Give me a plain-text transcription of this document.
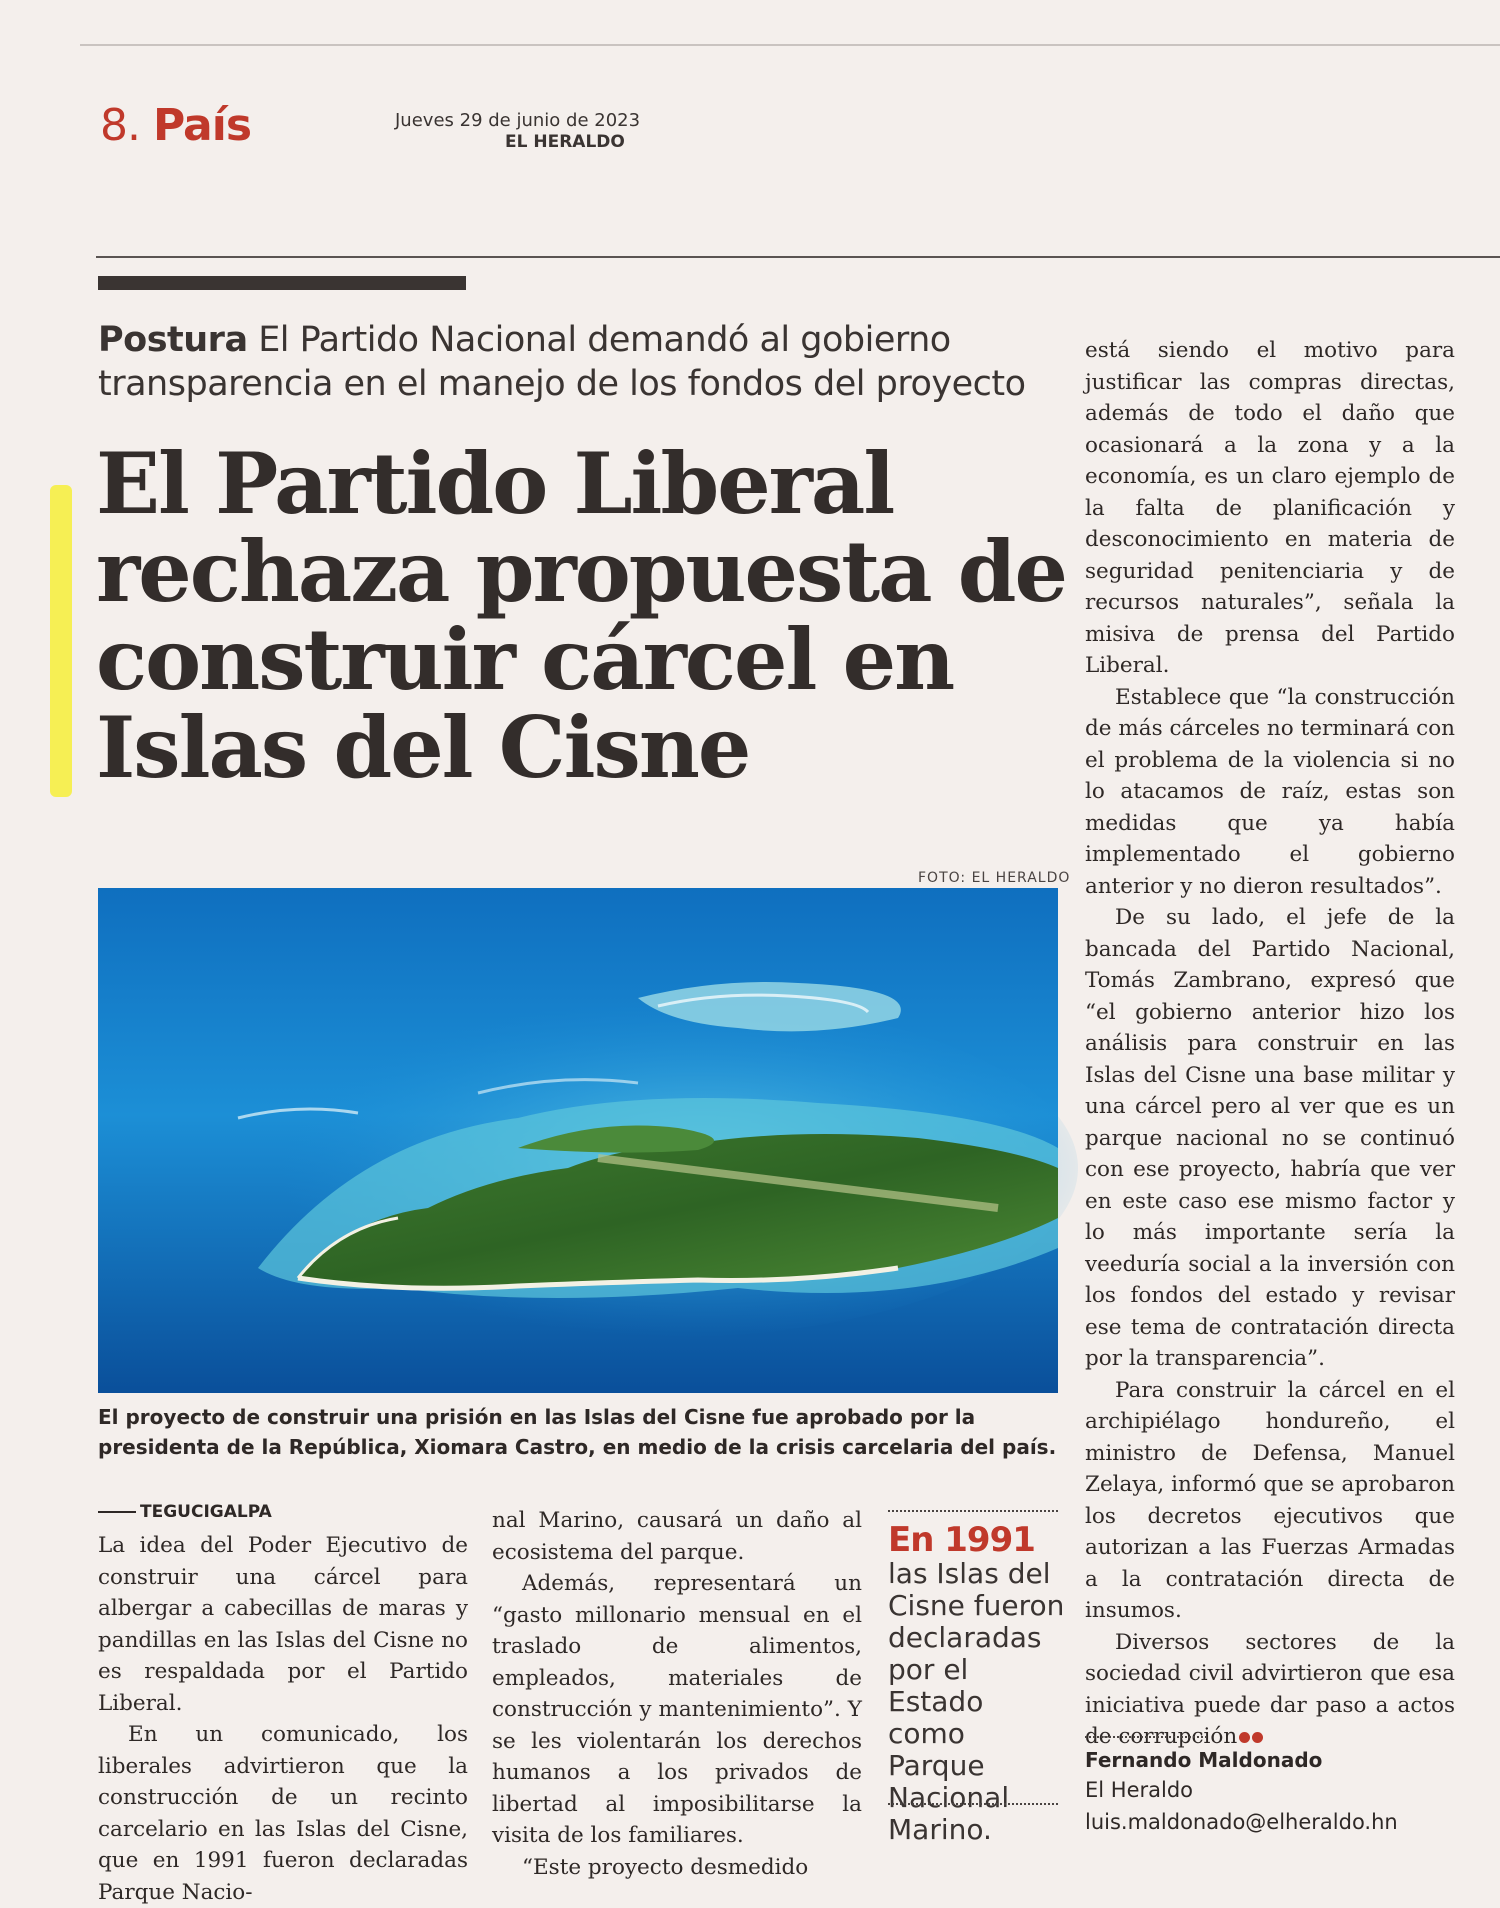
8. País	Jueves 29 de junio de 2023
EL HERALDO
Postura El Partido Nacional demandó al gobierno transparencia en el manejo de los fondos del proyecto
El Partido Liberal rechaza propuesta de construir cárcel en Islas del Cisne
FOTO: EL HERALDO
El proyecto de construir una prisión en las Islas del Cisne fue aprobado por la presidenta de la República, Xiomara Castro, en medio de la crisis carcelaria del país.
TEGUCIGALPA

La idea del Poder Ejecutivo de construir una cárcel para albergar a cabecillas de maras y pandillas en las Islas del Cisne no es respaldada por el Partido Liberal.

En un comunicado, los liberales advirtieron que la construcción de un recinto carcelario en las Islas del Cisne, que en 1991 fueron declaradas Parque Nacio-

nal Marino, causará un daño al ecosistema del parque.

Además, representará un “gasto millonario mensual en el traslado de alimentos, empleados, materiales de construcción y mantenimiento”. Y se les violentarán los derechos humanos a los privados de libertad al imposibilitarse la visita de los familiares.

“Este proyecto desmedido

En 1991
las Islas del Cisne fueron declaradas por el Estado como Parque Nacional Marino.

está siendo el motivo para justificar las compras directas, además de todo el daño que ocasionará a la zona y a la economía, es un claro ejemplo de la falta de planificación y desconocimiento en materia de seguridad penitenciaria y de recursos naturales”, señala la misiva de prensa del Partido Liberal.

Establece que “la construcción de más cárceles no terminará con el problema de la violencia si no lo atacamos de raíz, estas son medidas que ya había implementado el gobierno anterior y no dieron resultados”.

De su lado, el jefe de la bancada del Partido Nacional, Tomás Zambrano, expresó que “el gobierno anterior hizo los análisis para construir en las Islas del Cisne una base militar y una cárcel pero al ver que es un parque nacional no se continuó con ese proyecto, habría que ver en este caso ese mismo factor y lo más importante sería la veeduría social a la inversión con los fondos del estado y revisar ese tema de contratación directa por la transparencia”.

Para construir la cárcel en el archipiélago hondureño, el ministro de Defensa, Manuel Zelaya, informó que se aprobaron los decretos ejecutivos que autorizan a las Fuerzas Armadas a la contratación directa de insumos.

Diversos sectores de la sociedad civil advirtieron que esa iniciativa puede dar paso a actos de corrupción

Fernando Maldonado
El Heraldo
luis.maldonado@elheraldo.hn
